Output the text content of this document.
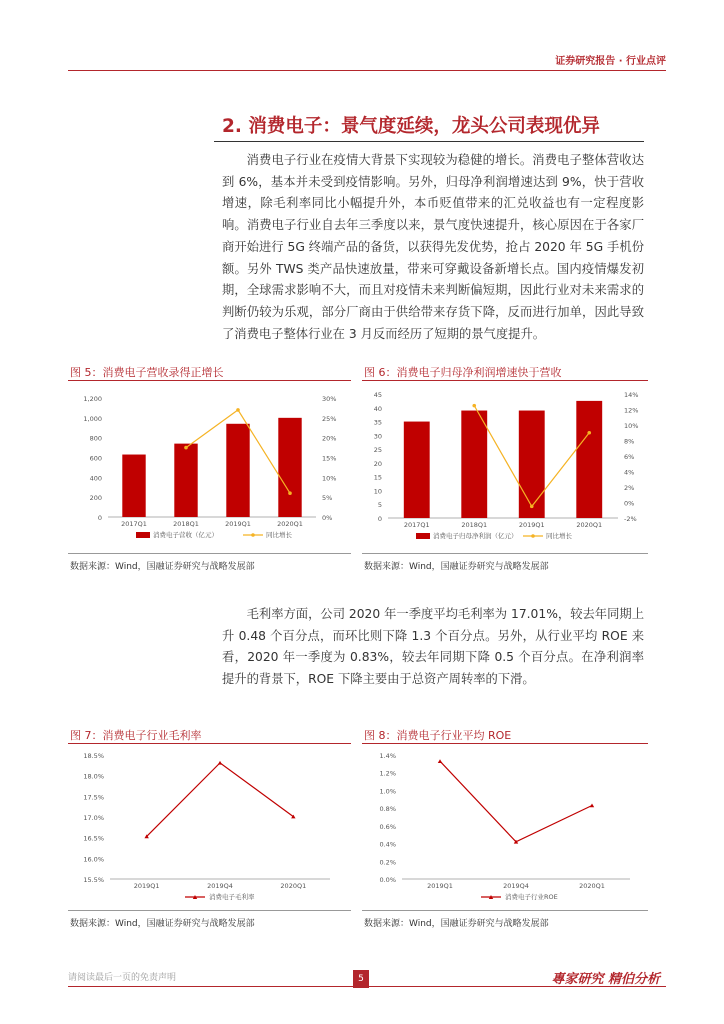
证券研究报告 · 行业点评
2. 消费电子：景气度延续，龙头公司表现优异
消费电子行业在疫情大背景下实现较为稳健的增长。消费电子整体营收达到 6%，基本并未受到疫情影响。另外，归母净利润增速达到 9%，快于营收增速，除毛利率同比小幅提升外，本币贬值带来的汇兑收益也有一定程度影响。消费电子行业自去年三季度以来，景气度快速提升，核心原因在于各家厂商开始进行 5G 终端产品的备货，以获得先发优势，抢占 2020 年 5G 手机份额。另外 TWS 类产品快速放量，带来可穿戴设备新增长点。国内疫情爆发初期，全球需求影响不大，而且对疫情未来判断偏短期，因此行业对未来需求的判断仍较为乐观，部分厂商由于供给带来存货下降，反而进行加单，因此导致了消费电子整体行业在 3 月反而经历了短期的景气度提升。
图 5：消费电子营收录得正增长
0
200
400
600
800
1,000
1,200
0%
5%
10%
15%
20%
25%
30%
2017Q1	2018Q1	2019Q1	2020Q1
消费电子营收（亿元）	同比增长
数据来源：Wind，国融证券研究与战略发展部
图 6：消费电子归母净利润增速快于营收
0
5
10
15
20
25
30
35
40
45
-2%
0%
2%
4%
6%
8%
10%
12%
14%
2017Q1	2018Q1	2019Q1	2020Q1
消费电子归母净利润（亿元）	同比增长
数据来源：Wind，国融证券研究与战略发展部
毛利率方面，公司 2020 年一季度平均毛利率为 17.01%，较去年同期上升 0.48 个百分点，而环比则下降 1.3 个百分点。另外，从行业平均 ROE 来看，2020 年一季度为 0.83%，较去年同期下降 0.5 个百分点。在净利润率提升的背景下，ROE 下降主要由于总资产周转率的下滑。
图 7：消费电子行业毛利率
15.5%
16.0%
16.5%
17.0%
17.5%
18.0%
18.5%
2019Q1	2019Q4	2020Q1
消费电子毛利率
数据来源：Wind，国融证券研究与战略发展部
图 8：消费电子行业平均 ROE
0.0%
0.2%
0.4%
0.6%
0.8%
1.0%
1.2%
1.4%
2019Q1	2019Q4	2020Q1
消费电子行业ROE
数据来源：Wind，国融证券研究与战略发展部
请阅读最后一页的免责声明	5	專家研究 精伯分析
